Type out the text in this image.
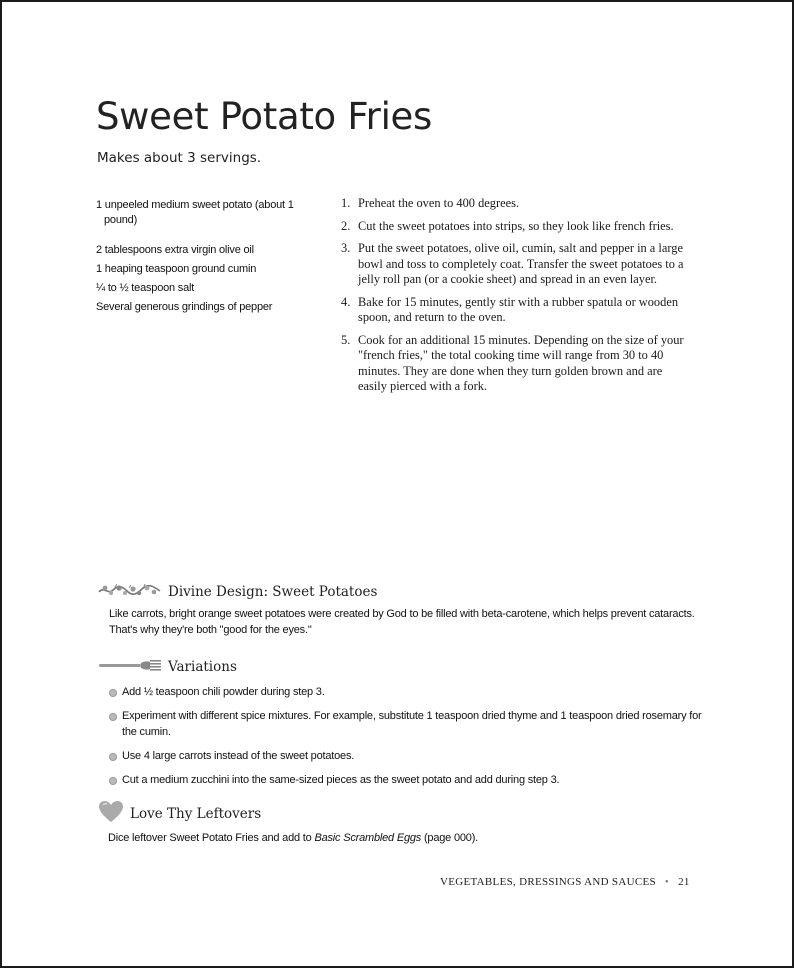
Sweet Potato Fries
Makes about 3 servings.

1 unpeeled medium sweet potato (about 1 pound)

2 tablespoons extra virgin olive oil

1 heaping teaspoon ground cumin

¼ to ½ teaspoon salt

Several generous grindings of pepper

1. Preheat the oven to 400 degrees.
2. Cut the sweet potatoes into strips, so they look like french fries.
3. Put the sweet potatoes, olive oil, cumin, salt and pepper in a large bowl and toss to completely coat. Transfer the sweet potatoes to a jelly roll pan (or a cookie sheet) and spread in an even layer.
4. Bake for 15 minutes, gently stir with a rubber spatula or wooden spoon, and return to the oven.
5. Cook for an additional 15 minutes. Depending on the size of your "french fries," the total cooking time will range from 30 to 40 minutes. They are done when they turn golden brown and are easily pierced with a fork.
Divine Design: Sweet Potatoes
Like carrots, bright orange sweet potatoes were created by God to be filled with beta-carotene, which helps prevent cataracts. That's why they're both "good for the eyes."
Variations
Add ½ teaspoon chili powder during step 3.
Experiment with different spice mixtures. For example, substitute 1 teaspoon dried thyme and 1 teaspoon dried rosemary for the cumin.
Use 4 large carrots instead of the sweet potatoes.
Cut a medium zucchini into the same-sized pieces as the sweet potato and add during step 3.
Love Thy Leftovers
Dice leftover Sweet Potato Fries and add to Basic Scrambled Eggs (page 000).
VEGETABLES, DRESSINGS AND SAUCES • 21
